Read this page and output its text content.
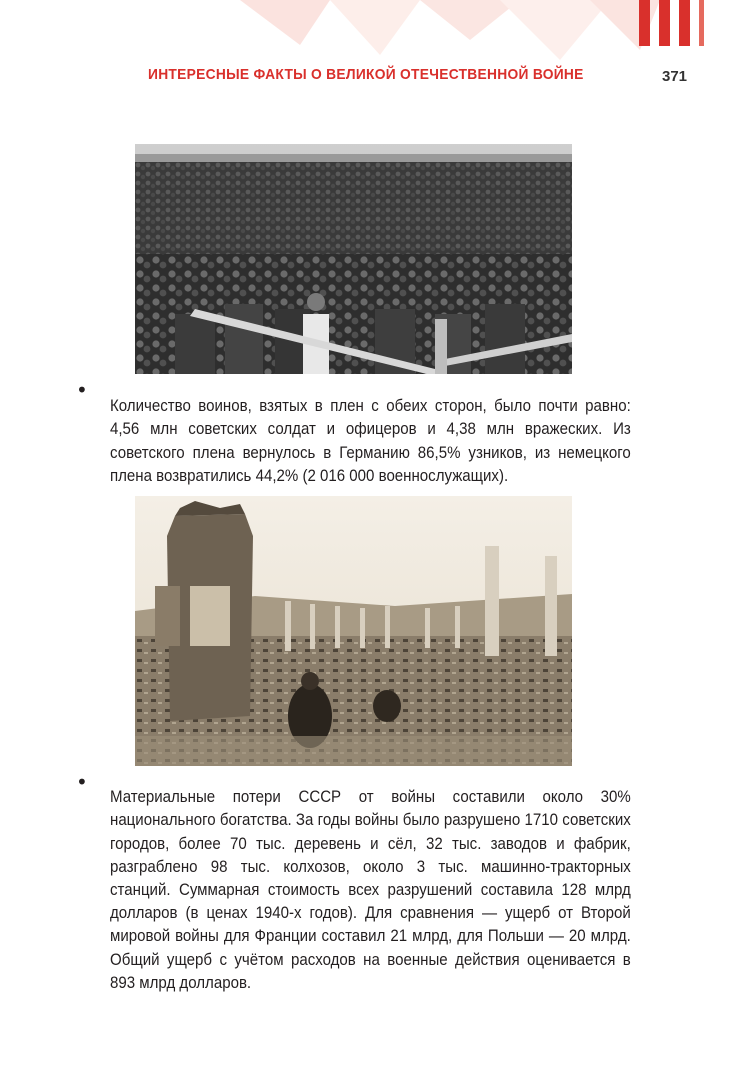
ИНТЕРЕСНЫЕ ФАКТЫ О ВЕЛИКОЙ ОТЕЧЕСТВЕННОЙ ВОЙНЕ	371
•

Количество воинов, взятых в плен с обеих сторон, было почти равно: 4,56 млн советских солдат и офицеров и 4,38 млн вражеских. Из советского плена вернулось в Германию 86,5% узников, из немецкого плена возвратились 44,2% (2 016 000 военнослужащих).

•

Материальные потери СССР от войны составили около 30% национального богатства. За годы войны было разрушено 1710 советских городов, более 70 тыс. деревень и сёл, 32 тыс. заводов и фабрик, разграблено 98 тыс. колхозов, около 3 тыс. машинно-тракторных станций. Суммарная стоимость всех разрушений составила 128 млрд долларов (в ценах 1940-х годов). Для сравнения — ущерб от Второй мировой войны для Франции составил 21 млрд, для Польши — 20 млрд. Общий ущерб с учётом расходов на военные действия оценивается в 893 млрд долларов.
